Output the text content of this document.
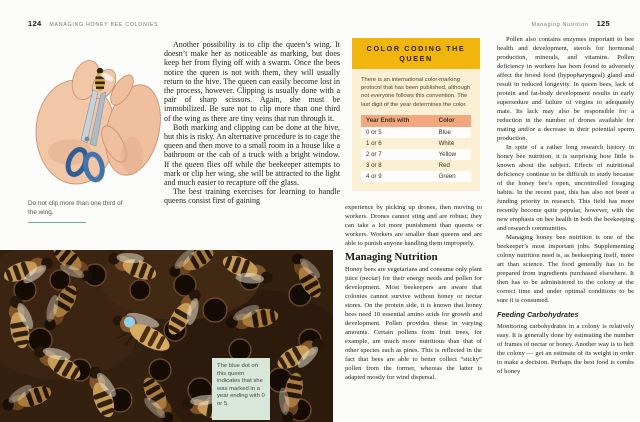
124 MANAGING HONEY BEE COLONIES
Do not clip more than one third of the wing.

Another possibility is to clip the queen’s wing. It doesn’t make her as noticeable as marking, but does keep her from flying off with a swarm. Once the bees notice the queen is not with them, they will usually return to the hive. The queen can easily become lost in the process, however. Clipping is usually done with a pair of sharp scissors. Again, she must be immobilized. Be sure not to clip more than one third of the wing as there are tiny veins that run through it.

Both marking and clipping can be done at the hive, but this is risky. An alternative procedure is to cage the queen and then move to a small room in a house like a bathroom or the cab of a truck with a bright window. If the queen flies off while the beekeeper attempts to mark or clip her wing, she will be attracted to the light and much easier to recapture off the glass.

The best training exercises for learning to handle queens consist first of gaining

The blue dot on this queen indicates that she was marked in a year ending with 0 or 5.
Managing Nutrition 125
COLOR CODING THE QUEEN
There is an international color-marking protocol that has been published, although not everyone follows this convention. The last digit of the year determines the color.
Year Ends with	Color
0 or 5	Blue
1 or 6	White
2 or 7	Yellow
3 or 8	Red
4 or 9	Green

experience by picking up drones, then moving to workers. Drones cannot sting and are robust; they can take a lot more punishment than queens or workers. Workers are smaller than queens and are able to punish anyone handling them improperly.

Managing Nutrition

Honey bees are vegetarians and consume only plant juice (nectar) for their energy needs and pollen for development. Most beekeepers are aware that colonies cannot survive without honey or nectar stores. On the protein side, it is known that honey bees need 10 essential amino acids for growth and development. Pollen provides these in varying amounts. Certain pollens from fruit trees, for example, are much more nutritious than that of other species such as pines. This is reflected in the fact that bees are able to better collect “sticky” pollen from the former, whereas the latter is adapted mostly for wind dispersal.

Pollen also contains enzymes important to bee health and development, sterols for hormonal production, minerals, and vitamins. Pollen deficiency in workers has been found to adversely affect the brood food (hypopharyngeal) gland and result in reduced longevity. In queen bees, lack of protein and fat-body development results in early supersedure and failure of virgins to adequately mate. Its lack may also be responsible for a reduction in the number of drones available for mating and/or a decrease in their potential sperm production.

In spite of a rather long research history in honey bee nutrition, it is surprising how little is known about the subject. Effects of nutritional deficiency continue to be difficult to study because of the honey bee’s open, uncontrolled foraging habits. In the recent past, this has also not been a funding priority in research. This field has more recently become quite popular, however, with the new emphasis on bee health in both the beekeeping and research communities.

Managing honey bee nutrition is one of the beekeeper’s most important jobs. Supplementing colony nutrition need is, as beekeeping itself, more art than science. The food generally has to be prepared from ingredients purchased elsewhere. It then has to be administered to the colony at the correct time and under optimal conditions to be sure it is consumed.

Feeding Carbohydrates

Monitoring carbohydrates in a colony is relatively easy. It is generally done by estimating the number of frames of nectar or honey. Another way is to heft the colony — get an estimate of its weight in order to make a decision. Perhaps the best food is combs of honey
